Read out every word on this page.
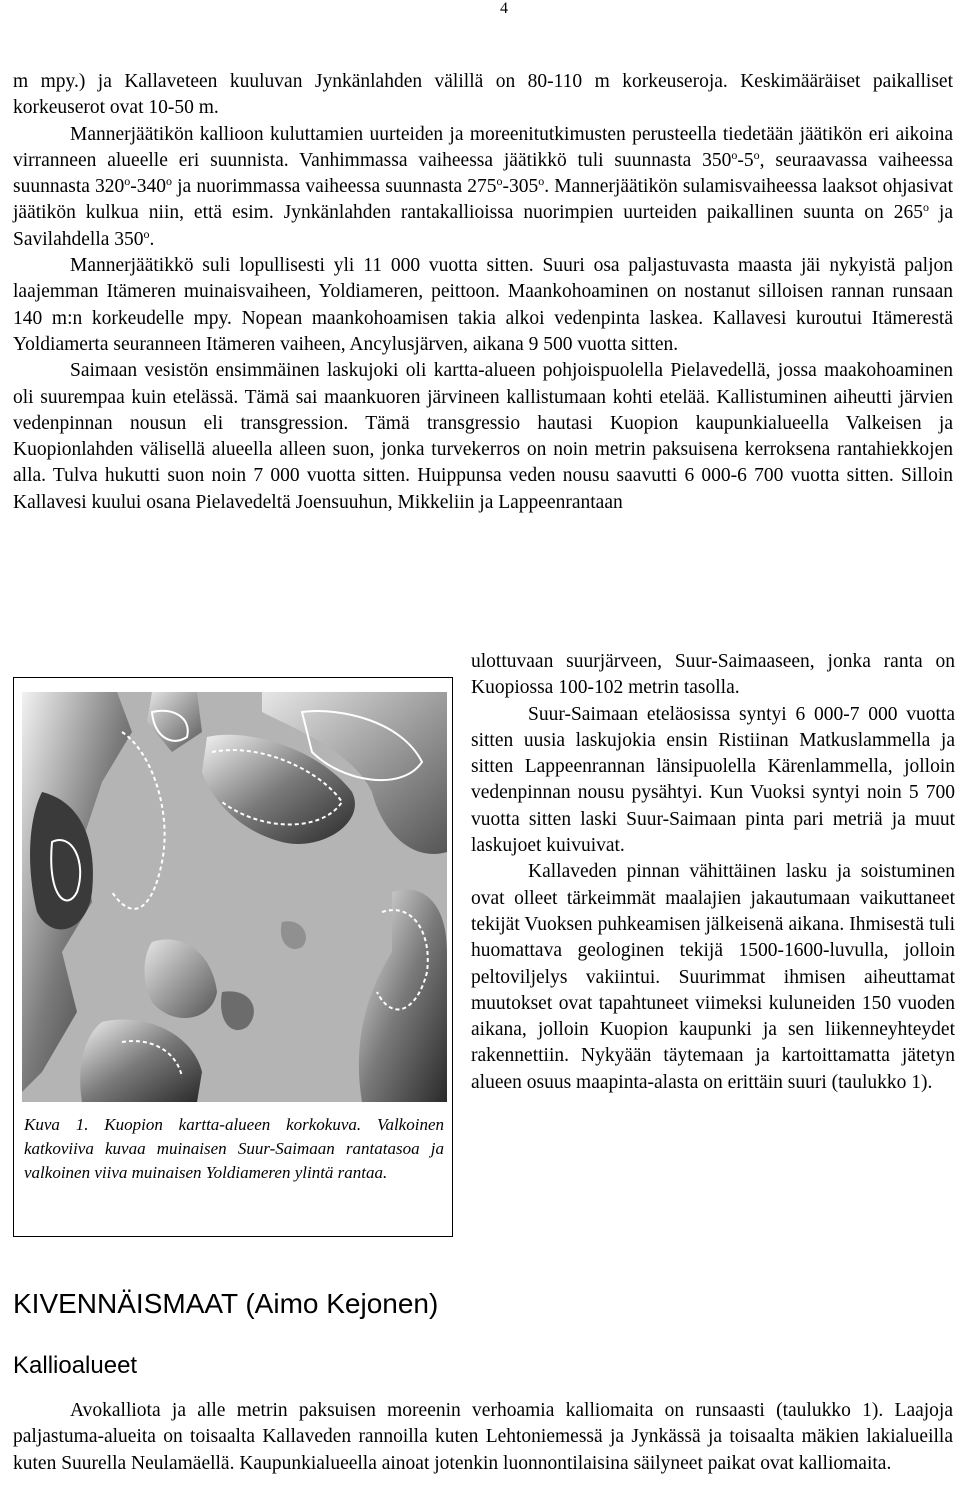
4

m mpy.) ja Kallaveteen kuuluvan Jynkänlahden välillä on 80-110 m korkeuseroja. Keskimääräiset paikalliset korkeuserot ovat 10-50 m.

Mannerjäätikön kallioon kuluttamien uurteiden ja moreenitutkimusten perusteella tiedetään jäätikön eri aikoina virranneen alueelle eri suunnista. Vanhimmassa vaiheessa jäätikkö tuli suunnasta 350$^o$-5$^o$, seuraavassa vaiheessa suunnasta 320$^o$-340$^o$ ja nuorimmassa vaiheessa suunnasta 275$^o$-305$^o$. Mannerjäätikön sulamisvaiheessa laaksot ohjasivat jäätikön kulkua niin, että esim. Jynkänlahden rantakallioissa nuorimpien uurteiden paikallinen suunta on 265$^o$ ja Savilahdella 350$^o$.

Mannerjäätikkö suli lopullisesti yli 11 000 vuotta sitten. Suuri osa paljastuvasta maasta jäi nykyistä paljon laajemman Itämeren muinaisvaiheen, Yoldiameren, peittoon. Maankohoaminen on nostanut silloisen rannan runsaan 140 m:n korkeudelle mpy. Nopean maankohoamisen takia alkoi vedenpinta laskea. Kallavesi kuroutui Itämerestä Yoldiamerta seuranneen Itämeren vaiheen, Ancylusjärven, aikana 9 500 vuotta sitten.

Saimaan vesistön ensimmäinen laskujoki oli kartta-alueen pohjoispuolella Pielavedellä, jossa maakohoaminen oli suurempaa kuin etelässä. Tämä sai maankuoren järvineen kallistumaan kohti etelää. Kallistuminen aiheutti järvien vedenpinnan nousun eli transgression. Tämä transgressio hautasi Kuopion kaupunkialueella Valkeisen ja Kuopionlahden välisellä alueella alleen suon, jonka turvekerros on noin metrin paksuisena kerroksena rantahiekkojen alla. Tulva hukutti suon noin 7 000 vuotta sitten. Huippunsa veden nousu saavutti 6 000-6 700 vuotta sitten. Silloin Kallavesi kuului osana Pielavedeltä Joensuuhun, Mikkeliin ja Lappeenrantaan

ulottuvaan suurjärveen, Suur-Saimaaseen, jonka ranta on Kuopiossa 100-102 metrin tasolla.

Suur-Saimaan eteläosissa syntyi 6 000-7 000 vuotta sitten uusia laskujokia ensin Ristiinan Matkuslammella ja sitten Lappeenrannan länsipuolella Kärenlammella, jolloin vedenpinnan nousu pysähtyi. Kun Vuoksi syntyi noin 5 700 vuotta sitten laski Suur-Saimaan pinta pari metriä ja muut laskujoet kuivuivat.

Kallaveden pinnan vähittäinen lasku ja soistuminen ovat olleet tärkeimmät maalajien jakautumaan vaikuttaneet tekijät Vuoksen puhkeamisen jälkeisenä aikana. Ihmisestä tuli huomattava geologinen tekijä 1500-1600-luvulla, jolloin peltoviljelys vakiintui. Suurimmat ihmisen aiheuttamat muutokset ovat tapahtuneet viimeksi kuluneiden 150 vuoden aikana, jolloin Kuopion kaupunki ja sen liikenneyhteydet rakennettiin. Nykyään täytemaan ja kartoittamatta jätetyn alueen osuus maapinta-alasta on erittäin suuri (taulukko 1).

Kuva 1. Kuopion kartta-alueen korkokuva. Valkoinen katkoviiva kuvaa muinaisen Suur-Saimaan rantatasoa ja valkoinen viiva muinaisen Yoldiameren ylintä rantaa.
KIVENNÄISMAAT (Aimo Kejonen)
Kallioalueet

Avokalliota ja alle metrin paksuisen moreenin verhoamia kalliomaita on runsaasti (taulukko 1). Laajoja paljastuma-alueita on toisaalta Kallaveden rannoilla kuten Lehtoniemessä ja Jynkässä ja toisaalta mäkien lakialueilla kuten Suurella Neulamäellä. Kaupunkialueella ainoat jotenkin luonnontilaisina säilyneet paikat ovat kalliomaita.
